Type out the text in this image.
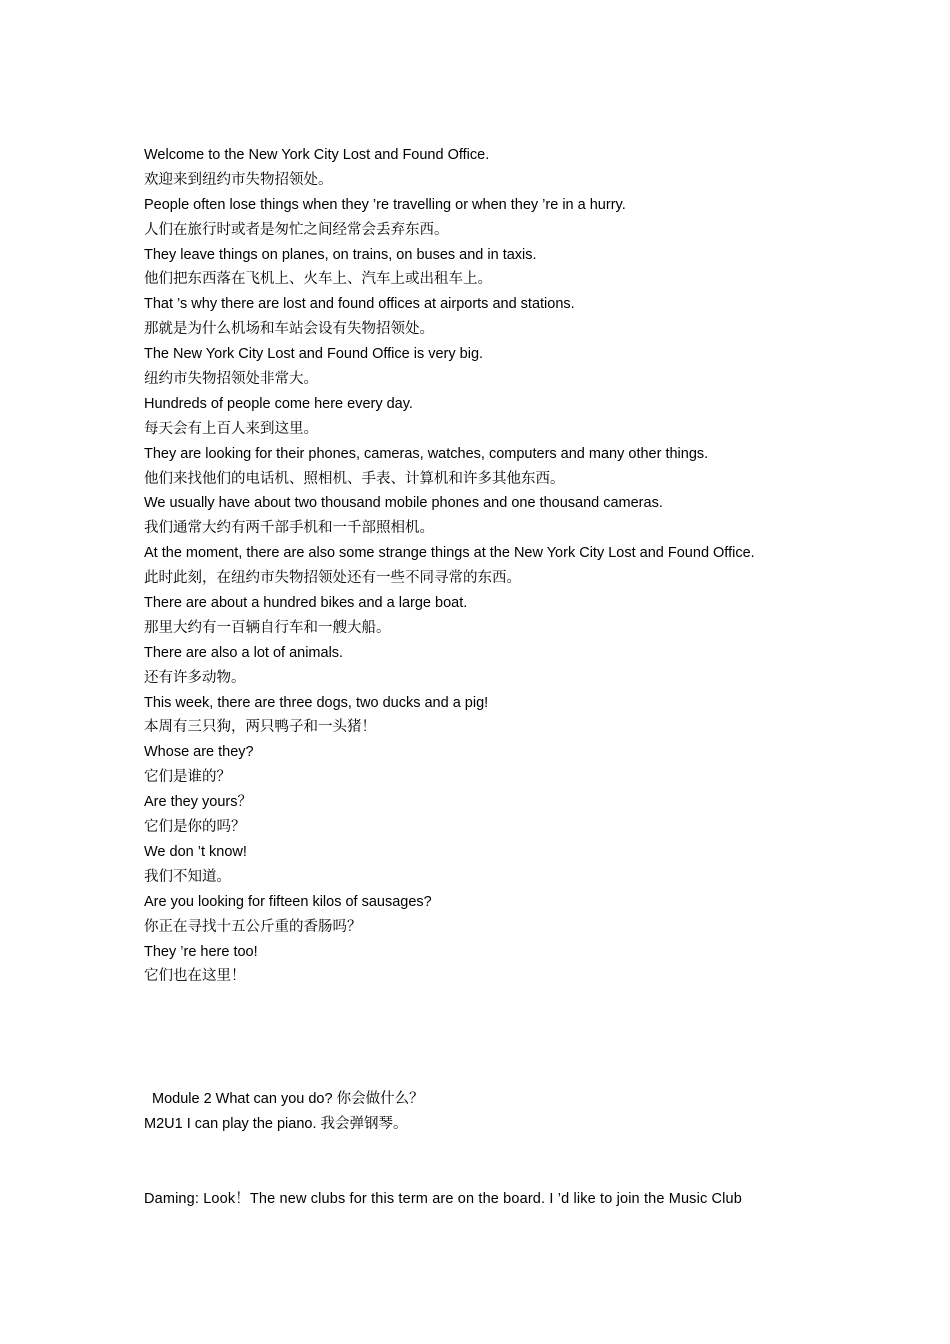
Welcome to the New York City Lost and Found Office.
欢迎来到纽约市失物招领处。
People often lose things when they ’re travelling or when they ’re in a hurry.
人们在旅行时或者是匆忙之间经常会丢弃东西。
They leave things on planes, on trains, on buses and in taxis.
他们把东西落在飞机上、火车上、汽车上或出租车上。
That ’s why there are lost and found offices at airports and stations.
那就是为什么机场和车站会设有失物招领处。
The New York City Lost and Found Office is very big.
纽约市失物招领处非常大。
Hundreds of people come here every day.
每天会有上百人来到这里。
They are looking for their phones, cameras, watches, computers and many other things.
他们来找他们的电话机、照相机、手表、计算机和许多其他东西。
We usually have about two thousand mobile phones and one thousand cameras.
我们通常大约有两千部手机和一千部照相机。
At the moment, there are also some strange things at the New York City Lost and Found Office.
此时此刻，在纽约市失物招领处还有一些不同寻常的东西。
There are about a hundred bikes and a large boat.
那里大约有一百辆自行车和一艘大船。
There are also a lot of animals.
还有许多动物。
This week, there are three dogs, two ducks and a pig!
本周有三只狗，两只鸭子和一头猪！
Whose are they?
它们是谁的？
Are they yours？
它们是你的吗？
We don ’t know!
我们不知道。
Are you looking for fifteen kilos of sausages?
你正在寻找十五公斤重的香肠吗？
They ’re here too!
它们也在这里！
Module 2 What can you do? 你会做什么？
M2U1 I can play the piano. 我会弹钢琴。
Daming: Look！The new clubs for this term are on the board. I ’d like to join the Music Club
